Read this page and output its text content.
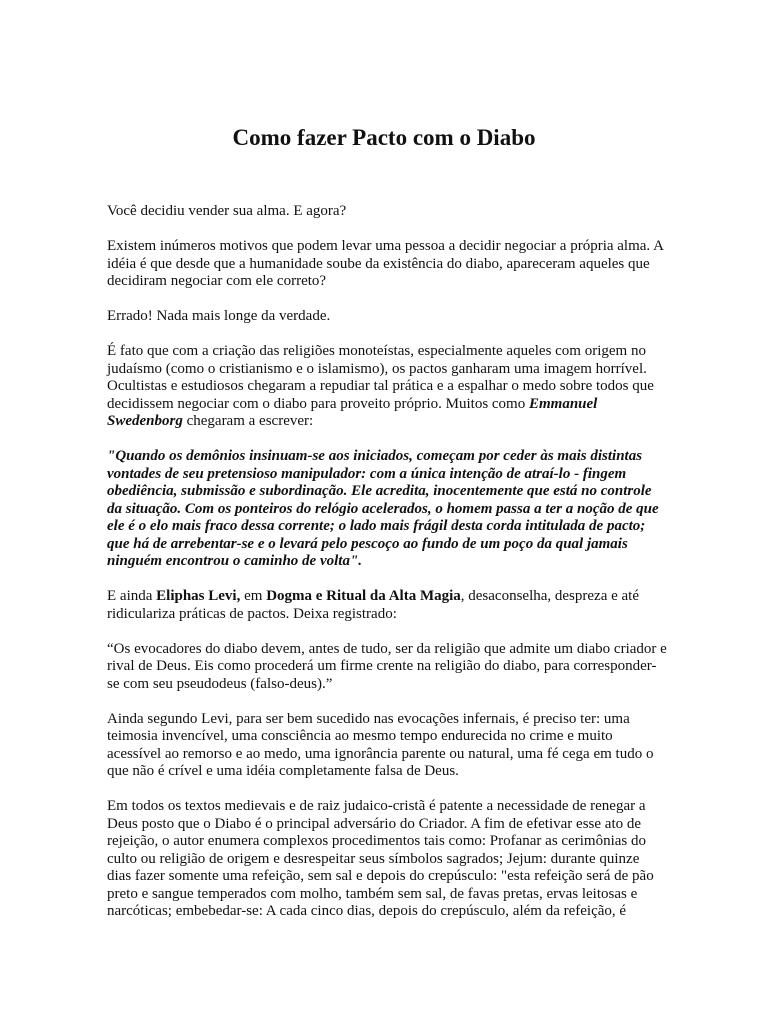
Como fazer Pacto com o Diabo

Você decidiu vender sua alma. E agora?

Existem inúmeros motivos que podem levar uma pessoa a decidir negociar a própria alma. A idéia é que desde que a humanidade soube da existência do diabo, apareceram aqueles que decidiram negociar com ele correto?

Errado! Nada mais longe da verdade.

É fato que com a criação das religiões monoteístas, especialmente aqueles com origem no judaísmo (como o cristianismo e o islamismo), os pactos ganharam uma imagem horrível. Ocultistas e estudiosos chegaram a repudiar tal prática e a espalhar o medo sobre todos que decidissem negociar com o diabo para proveito próprio. Muitos como Emmanuel Swedenborg chegaram a escrever:

"Quando os demônios insinuam-se aos iniciados, começam por ceder às mais distintas vontades de seu pretensioso manipulador: com a única intenção de atraí-lo - fingem obediência, submissão e subordinação. Ele acredita, inocentemente que está no controle da situação. Com os ponteiros do relógio acelerados, o homem passa a ter a noção de que ele é o elo mais fraco dessa corrente; o lado mais frágil desta corda intitulada de pacto; que há de arrebentar-se e o levará pelo pescoço ao fundo de um poço da qual jamais ninguém encontrou o caminho de volta".

E ainda Eliphas Levi, em Dogma e Ritual da Alta Magia, desaconselha, despreza e até ridiculariza práticas de pactos. Deixa registrado:

“Os evocadores do diabo devem, antes de tudo, ser da religião que admite um diabo criador e rival de Deus. Eis como procederá um firme crente na religião do diabo, para corresponder-se com seu pseudodeus (falso-deus).”

Ainda segundo Levi, para ser bem sucedido nas evocações infernais, é preciso ter: uma teimosia invencível, uma consciência ao mesmo tempo endurecida no crime e muito acessível ao remorso e ao medo, uma ignorância parente ou natural, uma fé cega em tudo o que não é crível e uma idéia completamente falsa de Deus.

Em todos os textos medievais e de raiz judaico-cristã é patente a necessidade de renegar a Deus posto que o Diabo é o principal adversário do Criador. A fim de efetivar esse ato de rejeição, o autor enumera complexos procedimentos tais como: Profanar as cerimônias do culto ou religião de origem e desrespeitar seus símbolos sagrados; Jejum: durante quinze dias fazer somente uma refeição, sem sal e depois do crepúsculo: "esta refeição será de pão preto e sangue temperados com molho, também sem sal, de favas pretas, ervas leitosas e narcóticas; embebedar-se: A cada cinco dias, depois do crepúsculo, além da refeição, é
